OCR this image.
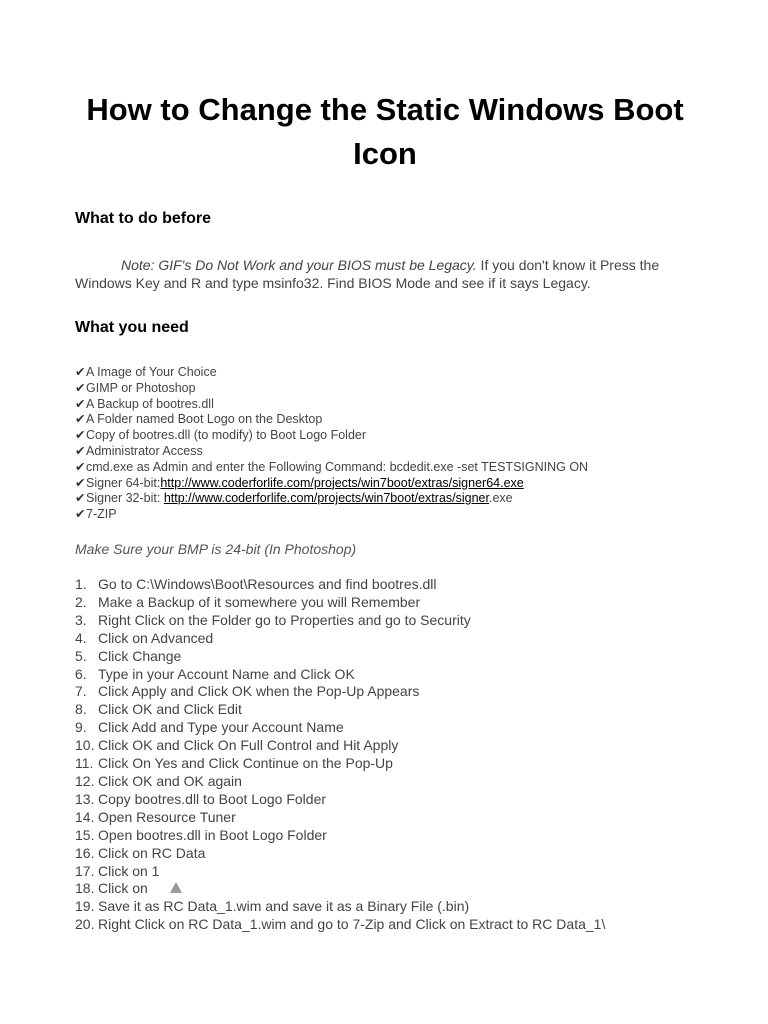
How to Change the Static Windows Boot Icon
What to do before

Note: GIF's Do Not Work and your BIOS must be Legacy. If you don't know it Press the Windows Key and R and type msinfo32. Find BIOS Mode and see if it says Legacy.

What you need
✔A Image of Your Choice
✔GIMP or Photoshop
✔A Backup of bootres.dll
✔A Folder named Boot Logo on the Desktop
✔Copy of bootres.dll (to modify) to Boot Logo Folder
✔Administrator Access
✔cmd.exe as Admin and enter the Following Command: bcdedit.exe -set TESTSIGNING ON
✔Signer 64-bit:http://www.coderforlife.com/projects/win7boot/extras/signer64.exe
✔Signer 32-bit: http://www.coderforlife.com/projects/win7boot/extras/signer.exe
✔7-ZIP
Make Sure your BMP is 24-bit (In Photoshop)
1. Go to C:\Windows\Boot\Resources and find bootres.dll
2. Make a Backup of it somewhere you will Remember
3. Right Click on the Folder go to Properties and go to Security
4. Click on Advanced
5. Click Change
6. Type in your Account Name and Click OK
7. Click Apply and Click OK when the Pop-Up Appears
8. Click OK and Click Edit
9. Click Add and Type your Account Name
10. Click OK and Click On Full Control and Hit Apply
11. Click On Yes and Click Continue on the Pop-Up
12. Click OK and OK again
13. Copy bootres.dll to Boot Logo Folder
14. Open Resource Tuner
15. Open bootres.dll in Boot Logo Folder
16. Click on RC Data
17. Click on 1
18. Click on
19. Save it as RC Data_1.wim and save it as a Binary File (.bin)
20. Right Click on RC Data_1.wim and go to 7-Zip and Click on Extract to RC Data_1\
